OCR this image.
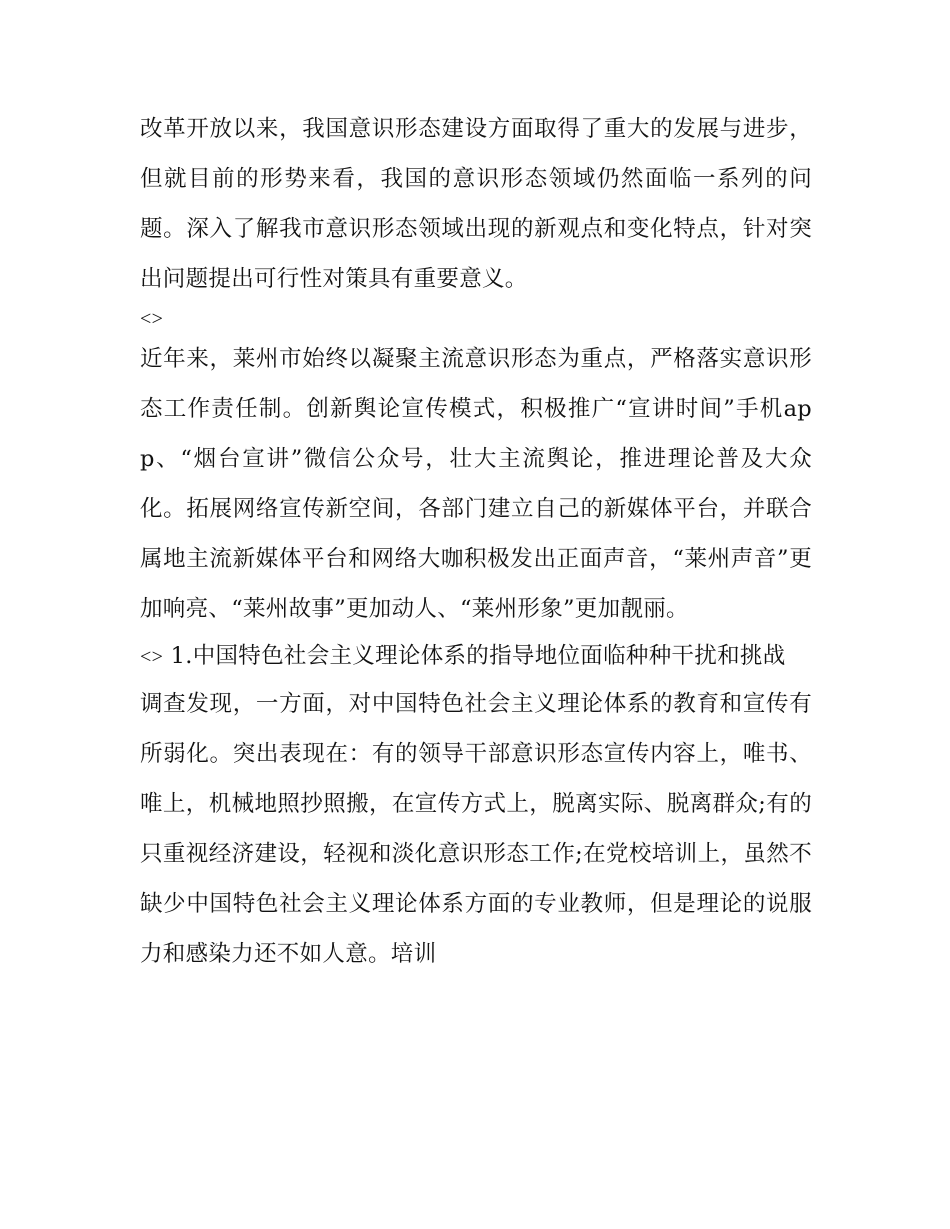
改革开放以来，我国意识形态建设方面取得了重大的发展与进步，但就目前的形势来看，我国的意识形态领域仍然面临一系列的问题。深入了解我市意识形态领域出现的新观点和变化特点，针对突出问题提出可行性对策具有重要意义。

<>

近年来，莱州市始终以凝聚主流意识形态为重点，严格落实意识形态工作责任制。创新舆论宣传模式，积极推广“宣讲时间”手机app、“烟台宣讲”微信公众号，壮大主流舆论，推进理论普及大众化。拓展网络宣传新空间，各部门建立自己的新媒体平台，并联合属地主流新媒体平台和网络大咖积极发出正面声音，“莱州声音”更加响亮、“莱州故事”更加动人、“莱州形象”更加靓丽。

<> 1.中国特色社会主义理论体系的指导地位面临种种干扰和挑战

调查发现，一方面，对中国特色社会主义理论体系的教育和宣传有所弱化。突出表现在：有的领导干部意识形态宣传内容上，唯书、唯上，机械地照抄照搬，在宣传方式上，脱离实际、脱离群众;有的只重视经济建设，轻视和淡化意识形态工作;在党校培训上，虽然不缺少中国特色社会主义理论体系方面的专业教师，但是理论的说服力和感染力还不如人意。培训
